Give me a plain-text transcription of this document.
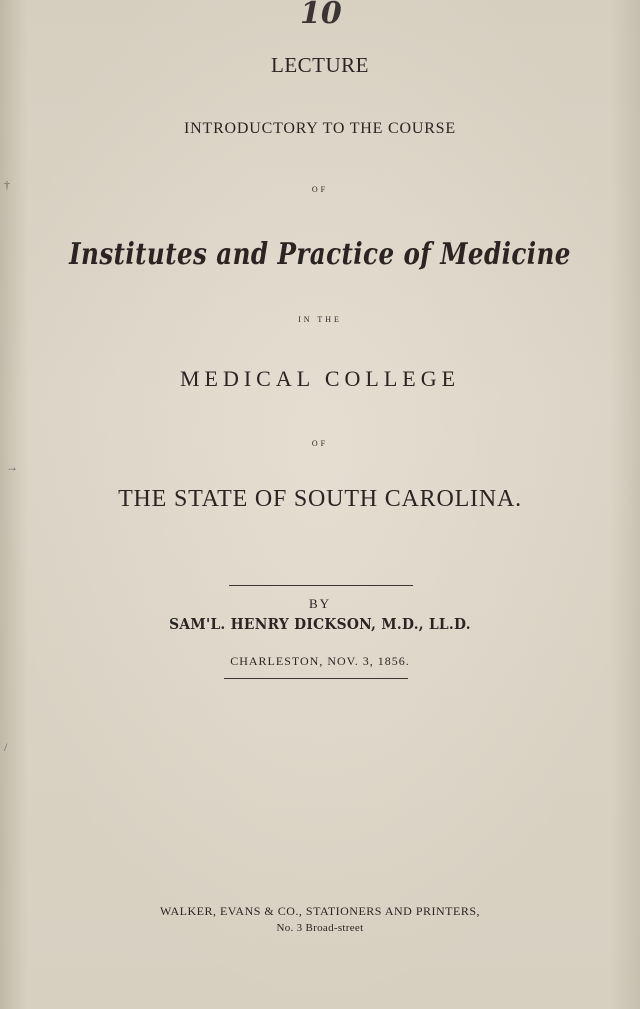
10
LECTURE
INTRODUCTORY TO THE COURSE
OF
Institutes and Practice of Medicine
IN THE
MEDICAL COLLEGE
OF
THE STATE OF SOUTH CAROLINA.
BY
SAM'L. HENRY DICKSON, M.D., LL.D.
CHARLESTON, NOV. 3, 1856.
WALKER, EVANS & CO., STATIONERS AND PRINTERS,
No. 3 Broad-street
†
→
/
